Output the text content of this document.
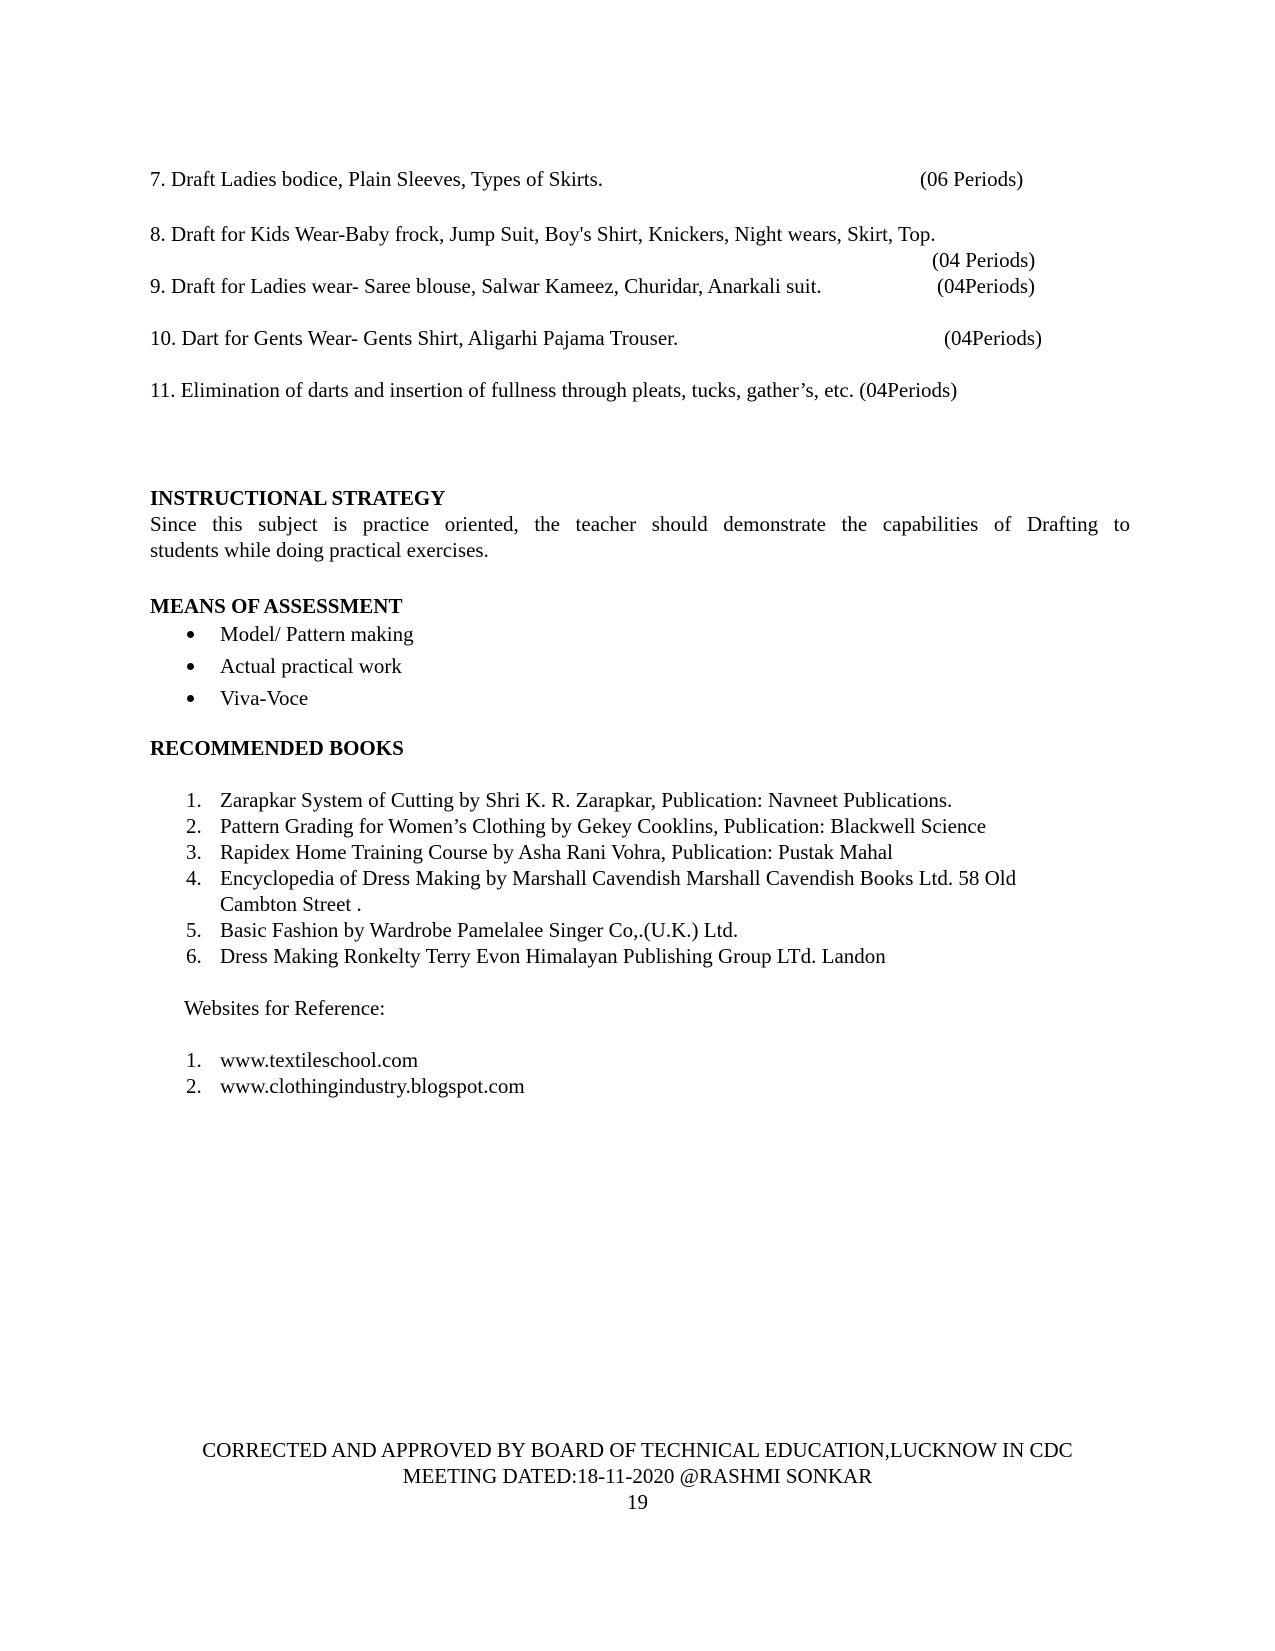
7. Draft Ladies bodice, Plain Sleeves, Types of Skirts.	(06 Periods)
8. Draft for Kids Wear-Baby frock, Jump Suit, Boy's Shirt, Knickers, Night wears, Skirt, Top.
(04 Periods)
9. Draft for Ladies wear- Saree blouse, Salwar Kameez, Churidar, Anarkali suit.	(04Periods)
10. Dart for Gents Wear- Gents Shirt, Aligarhi Pajama Trouser.	(04Periods)
11. Elimination of darts and insertion of fullness through pleats, tucks, gather’s, etc. (04Periods)
INSTRUCTIONAL STRATEGY
Since this subject is practice oriented, the teacher should demonstrate the capabilities of Drafting to
students while doing practical exercises.
MEANS OF ASSESSMENT
Model/ Pattern making
Actual practical work
Viva-Voce
RECOMMENDED BOOKS
1. Zarapkar System of Cutting by Shri K. R. Zarapkar, Publication: Navneet Publications.
2. Pattern Grading for Women’s Clothing by Gekey Cooklins, Publication: Blackwell Science
3. Rapidex Home Training Course by Asha Rani Vohra, Publication: Pustak Mahal
4. Encyclopedia of Dress Making by Marshall Cavendish Marshall Cavendish Books Ltd. 58 Old
Cambton Street .
5. Basic Fashion by Wardrobe Pamelalee Singer Co,.(U.K.) Ltd.
6. Dress Making Ronkelty Terry Evon Himalayan Publishing Group LTd. Landon
Websites for Reference:
1. www.textileschool.com
2. www.clothingindustry.blogspot.com
CORRECTED AND APPROVED BY BOARD OF TECHNICAL EDUCATION,LUCKNOW IN CDC
MEETING DATED:18-11-2020 @RASHMI SONKAR
19
